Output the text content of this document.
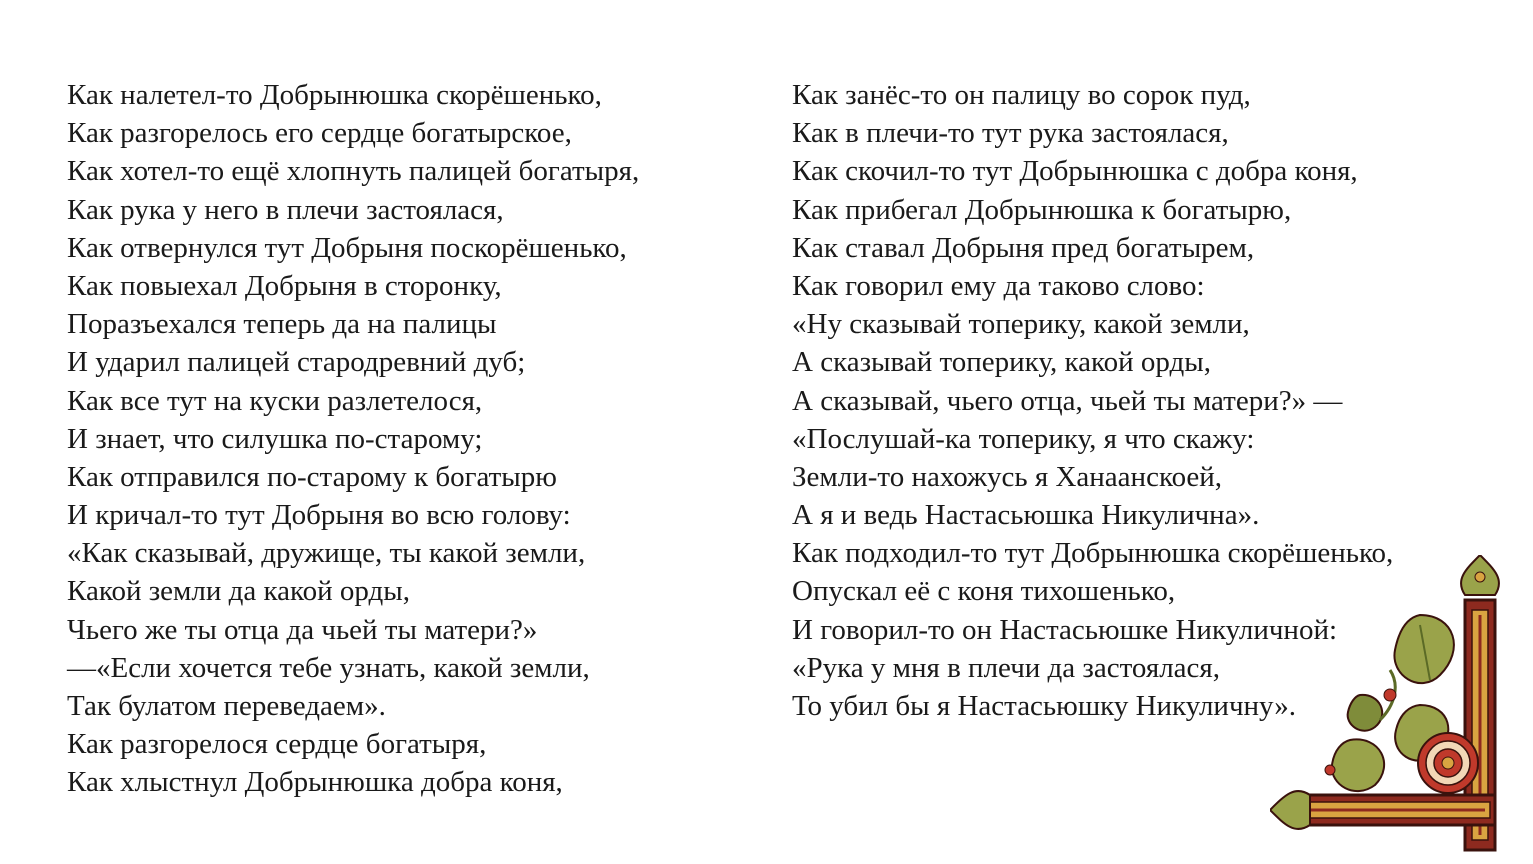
Как налетел-то Добрынюшка скорёшенько,
Как разгорелось его сердце богатырское,
Как хотел-то ещё хлопнуть палицей богатыря,
Как рука у него в плечи застоялася,
Как отвернулся тут Добрыня поскорёшенько,
Как повыехал Добрыня в сторонку,
Поразъехался теперь да на палицы
И ударил палицей стародревний дуб;
Как все тут на куски разлетелося,
И знает, что силушка по-старому;
Как отправился по-старому к богатырю
И кричал-то тут Добрыня во всю голову:
«Как сказывай, дружище, ты какой земли,
Какой земли да какой орды,
Чьего же ты отца да чьей ты матери?»
—«Если хочется тебе узнать, какой земли,
Так булатом переведаем».
Как разгорелося сердце богатыря,
Как хлыстнул Добрынюшка добра коня,
Как занёс-то он палицу во сорок пуд,
Как в плечи-то тут рука застоялася,
Как скочил-то тут Добрынюшка с добра коня,
Как прибегал Добрынюшка к богатырю,
Как ставал Добрыня пред богатырем,
Как говорил ему да таково слово:
«Ну сказывай топерику, какой земли,
А сказывай топерику, какой орды,
А сказывай, чьего отца, чьей ты матери?» —
«Послушай-ка топерику, я что скажу:
Земли-то нахожусь я Ханаанскоей,
А я и ведь Настасьюшка Никулична».
Как подходил-то тут Добрынюшка скорёшенько,
Опускал её с коня тихошенько,
И говорил-то он Настасьюшке Никуличной:
«Рука у мня в плечи да застоялася,
То убил бы я Настасьюшку Никуличну».
